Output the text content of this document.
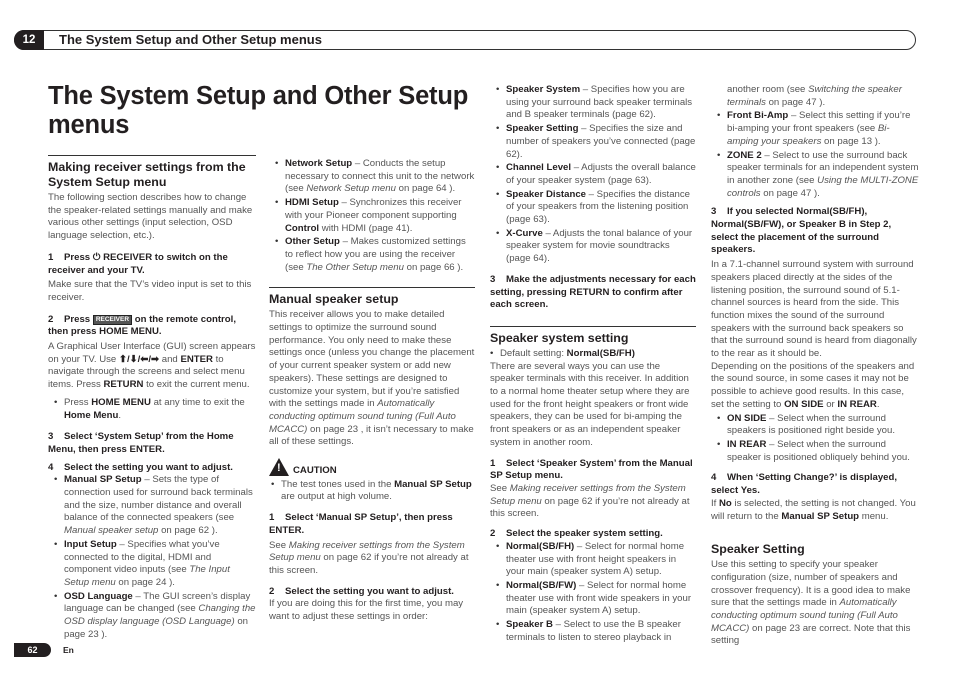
12	The System Setup and Other Setup menus
The System Setup and Other Setup menus
Making receiver settings from the System Setup menu

The following section describes how to change the speaker-related settings manually and make various other settings (input selection, OSD language selection, etc.).

1 Press ⏻ RECEIVER to switch on the receiver and your TV.

Make sure that the TV’s video input is set to this receiver.

2 Press RECEIVER on the remote control, then press HOME MENU.

A Graphical User Interface (GUI) screen appears on your TV. Use ⬆/⬇/⬅/➡ and ENTER to navigate through the screens and select menu items. Press RETURN to exit the current menu.

• Press HOME MENU at any time to exit the Home Menu.

3 Select ‘System Setup’ from the Home Menu, then press ENTER.

4 Select the setting you want to adjust.

• Manual SP Setup – Sets the type of connection used for surround back terminals and the size, number distance and overall balance of the connected speakers (see Manual speaker setup on page 62 ).

• Input Setup – Specifies what you’ve connected to the digital, HDMI and component video inputs (see The Input Setup menu on page 24 ).

• OSD Language – The GUI screen’s display language can be changed (see Changing the OSD display language (OSD Language) on page 23 ).

• Network Setup – Conducts the setup necessary to connect this unit to the network (see Network Setup menu on page 64 ).

• HDMI Setup – Synchronizes this receiver with your Pioneer component supporting Control with HDMI (page 41).

• Other Setup – Makes customized settings to reflect how you are using the receiver (see The Other Setup menu on page 66 ).

Manual speaker setup

This receiver allows you to make detailed settings to optimize the surround sound performance. You only need to make these settings once (unless you change the placement of your current speaker system or add new speakers). These settings are designed to customize your system, but if you’re satisfied with the settings made in Automatically conducting optimum sound tuning (Full Auto MCACC) on page 23 , it isn’t necessary to make all of these settings.

!
CAUTION

• The test tones used in the Manual SP Setup are output at high volume.

1 Select ‘Manual SP Setup’, then press ENTER.

See Making receiver settings from the System Setup menu on page 62 if you’re not already at this screen.

2 Select the setting you want to adjust.

If you are doing this for the first time, you may want to adjust these settings in order:

• Speaker System – Specifies how you are using your surround back speaker terminals and B speaker terminals (page 62).

• Speaker Setting – Specifies the size and number of speakers you’ve connected (page 62).

• Channel Level – Adjusts the overall balance of your speaker system (page 63).

• Speaker Distance – Specifies the distance of your speakers from the listening position (page 63).

• X-Curve – Adjusts the tonal balance of your speaker system for movie soundtracks (page 64).

3 Make the adjustments necessary for each setting, pressing RETURN to confirm after each screen.

Speaker system setting

• Default setting: Normal(SB/FH)

There are several ways you can use the speaker terminals with this receiver. In addition to a normal home theater setup where they are used for the front height speakers or front wide speakers, they can be used for bi-amping the front speakers or as an independent speaker system in another room.

1 Select ‘Speaker System’ from the Manual SP Setup menu.

See Making receiver settings from the System Setup menu on page 62 if you’re not already at this screen.

2 Select the speaker system setting.

• Normal(SB/FH) – Select for normal home theater use with front height speakers in your main (speaker system A) setup.

• Normal(SB/FW) – Select for normal home theater use with front wide speakers in your main (speaker system A) setup.

• Speaker B – Select to use the B speaker terminals to listen to stereo playback in

another room (see Switching the speaker terminals on page 47 ).

• Front Bi-Amp – Select this setting if you’re bi-amping your front speakers (see Bi-amping your speakers on page 13 ).

• ZONE 2 – Select to use the surround back speaker terminals for an independent system in another zone (see Using the MULTI-ZONE controls on page 47 ).

3 If you selected Normal(SB/FH), Normal(SB/FW), or Speaker B in Step 2, select the placement of the surround speakers.

In a 7.1-channel surround system with surround speakers placed directly at the sides of the listening position, the surround sound of 5.1-channel sources is heard from the side. This function mixes the sound of the surround speakers with the surround back speakers so that the surround sound is heard from diagonally to the rear as it should be.

Depending on the positions of the speakers and the sound source, in some cases it may not be possible to achieve good results. In this case, set the setting to ON SIDE or IN REAR.

• ON SIDE – Select when the surround speakers is positioned right beside you.

• IN REAR – Select when the surround speaker is positioned obliquely behind you.

4 When ‘Setting Change?’ is displayed, select Yes.

If No is selected, the setting is not changed. You will return to the Manual SP Setup menu.

Speaker Setting

Use this setting to specify your speaker configuration (size, number of speakers and crossover frequency). It is a good idea to make sure that the settings made in Automatically conducting optimum sound tuning (Full Auto MCACC) on page 23 are correct. Note that this setting

62	En
